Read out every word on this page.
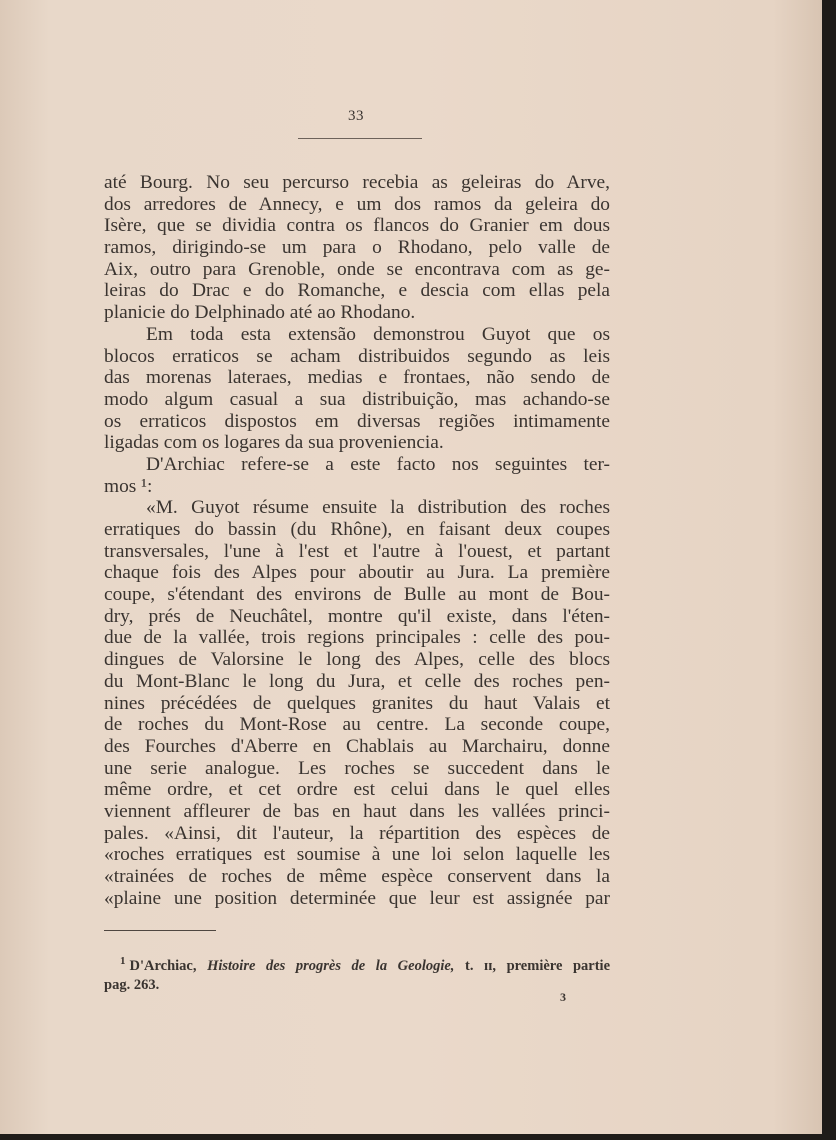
33
até Bourg. No seu percurso recebia as geleiras do Arve,
dos arredores de Annecy, e um dos ramos da geleira do
Isère, que se dividia contra os flancos do Granier em dous
ramos, dirigindo-se um para o Rhodano, pelo valle de
Aix, outro para Grenoble, onde se encontrava com as ge-
leiras do Drac e do Romanche, e descia com ellas pela
planicie do Delphinado até ao Rhodano.
Em toda esta extensão demonstrou Guyot que os
blocos erraticos se acham distribuidos segundo as leis
das morenas lateraes, medias e frontaes, não sendo de
modo algum casual a sua distribuição, mas achando-se
os erraticos dispostos em diversas regiões intimamente
ligadas com os logares da sua proveniencia.
D'Archiac refere-se a este facto nos seguintes ter-
mos ¹:
«M. Guyot résume ensuite la distribution des roches
erratiques do bassin (du Rhône), en faisant deux coupes
transversales, l'une à l'est et l'autre à l'ouest, et partant
chaque fois des Alpes pour aboutir au Jura. La première
coupe, s'étendant des environs de Bulle au mont de Bou-
dry, prés de Neuchâtel, montre qu'il existe, dans l'éten-
due de la vallée, trois regions principales : celle des pou-
dingues de Valorsine le long des Alpes, celle des blocs
du Mont-Blanc le long du Jura, et celle des roches pen-
nines précédées de quelques granites du haut Valais et
de roches du Mont-Rose au centre. La seconde coupe,
des Fourches d'Aberre en Chablais au Marchairu, donne
une serie analogue. Les roches se succedent dans le
même ordre, et cet ordre est celui dans le quel elles
viennent affleurer de bas en haut dans les vallées princi-
pales. «Ainsi, dit l'auteur, la répartition des espèces de
«roches erratiques est soumise à une loi selon laquelle les
«trainées de roches de même espèce conservent dans la
«plaine une position determinée que leur est assignée par
$^1$ D'Archiac, Histoire des progrès de la Geologie, t. ɪɪ, première partie
pag. 263.
3
